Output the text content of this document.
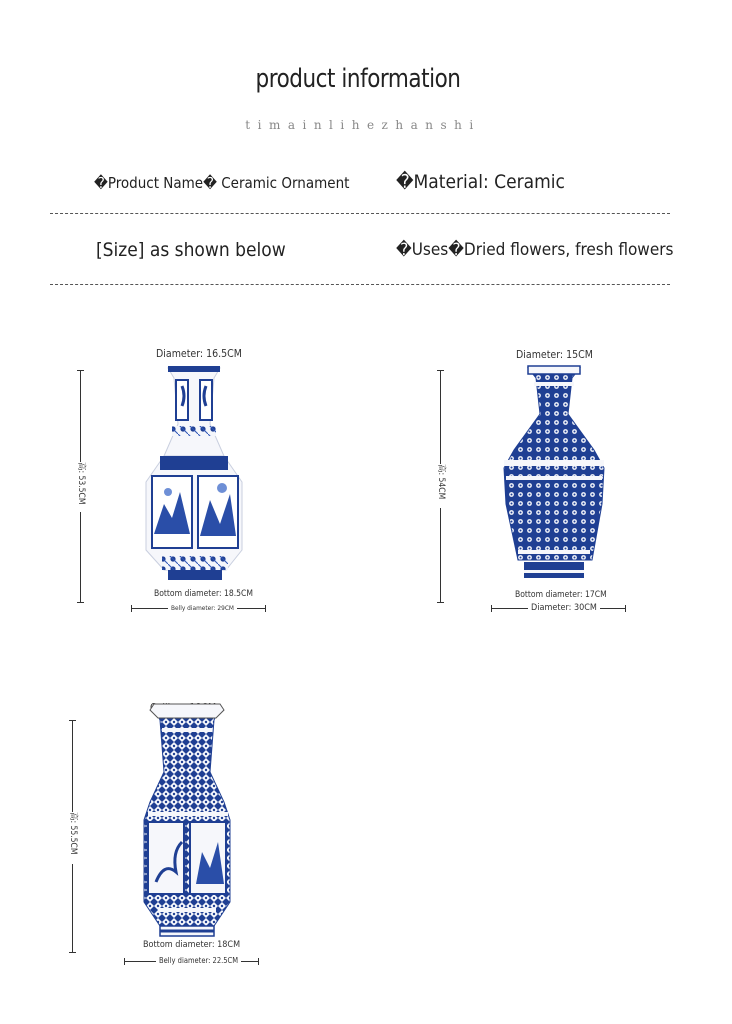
product information
timainlihezhanshi
�Product Name� Ceramic Ornament �Material: Ceramic
[Size] as shown below	�Uses�Dried flowers, fresh flowers
Diameter: 16.5CM
高: 53.5CM
Bottom diameter: 18.5CM
Belly diameter: 29CM
Diameter: 15CM
高: 54CM
Bottom diameter: 17CM
Diameter: 30CM
高: 55.5CM
Bottom diameter: 18CM
Belly diameter: 22.5CM
